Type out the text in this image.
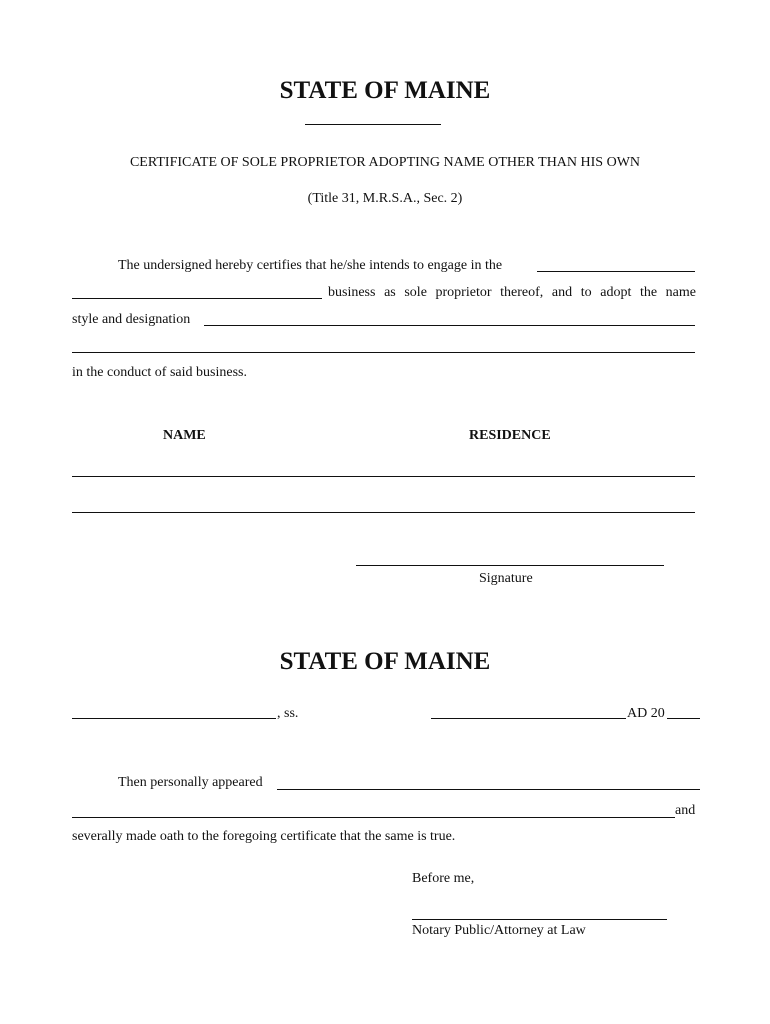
STATE OF MAINE
CERTIFICATE OF SOLE PROPRIETOR ADOPTING NAME OTHER THAN HIS OWN
(Title 31, M.R.S.A., Sec. 2)
The undersigned hereby certifies that he/she intends to engage in the
business as sole proprietor thereof, and to adopt the name
style and designation
in the conduct of said business.
NAME	RESIDENCE
Signature
STATE OF MAINE
, ss.	AD 20
Then personally appeared
and
severally made oath to the foregoing certificate that the same is true.
Before me,
Notary Public/Attorney at Law
